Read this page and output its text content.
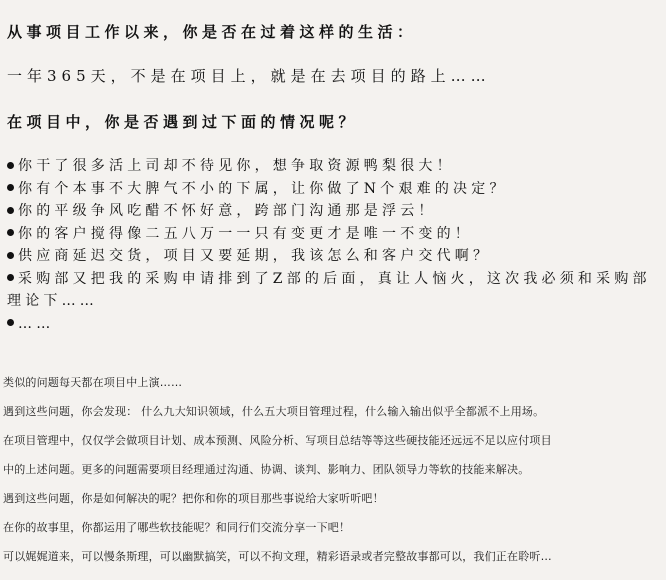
从事项目工作以来，你是否在过着这样的生活：
一年365天，不是在项目上，就是在去项目的路上……
在项目中，你是否遇到过下面的情况呢？
你干了很多活上司却不待见你，想争取资源鸭梨很大！
你有个本事不大脾气不小的下属，让你做了N个艰难的决定？
你的平级争风吃醋不怀好意，跨部门沟通那是浮云！
你的客户搅得像二五八万一一只有变更才是唯一不变的！
供应商延迟交货，项目又要延期，我该怎么和客户交代啊？
采购部又把我的采购申请排到了Z部的后面，真让人恼火，这次我必须和采购部理论下……
……

类似的问题每天都在项目中上演……

遇到这些问题，你会发现： 什么九大知识领域，什么五大项目管理过程，什么输入输出似乎全都派不上用场。

在项目管理中，仅仅学会做项目计划、成本预测、风险分析、写项目总结等等这些硬技能还远远不足以应付项目

中的上述问题。更多的问题需要项目经理通过沟通、协调、谈判、影响力、团队领导力等软的技能来解决。

遇到这些问题，你是如何解决的呢？把你和你的项目那些事说给大家听听吧！

在你的故事里，你都运用了哪些软技能呢？和同行们交流分享一下吧！

可以娓娓道来，可以慢条斯理，可以幽默搞笑，可以不拘文理，精彩语录或者完整故事都可以，我们正在聆听…
